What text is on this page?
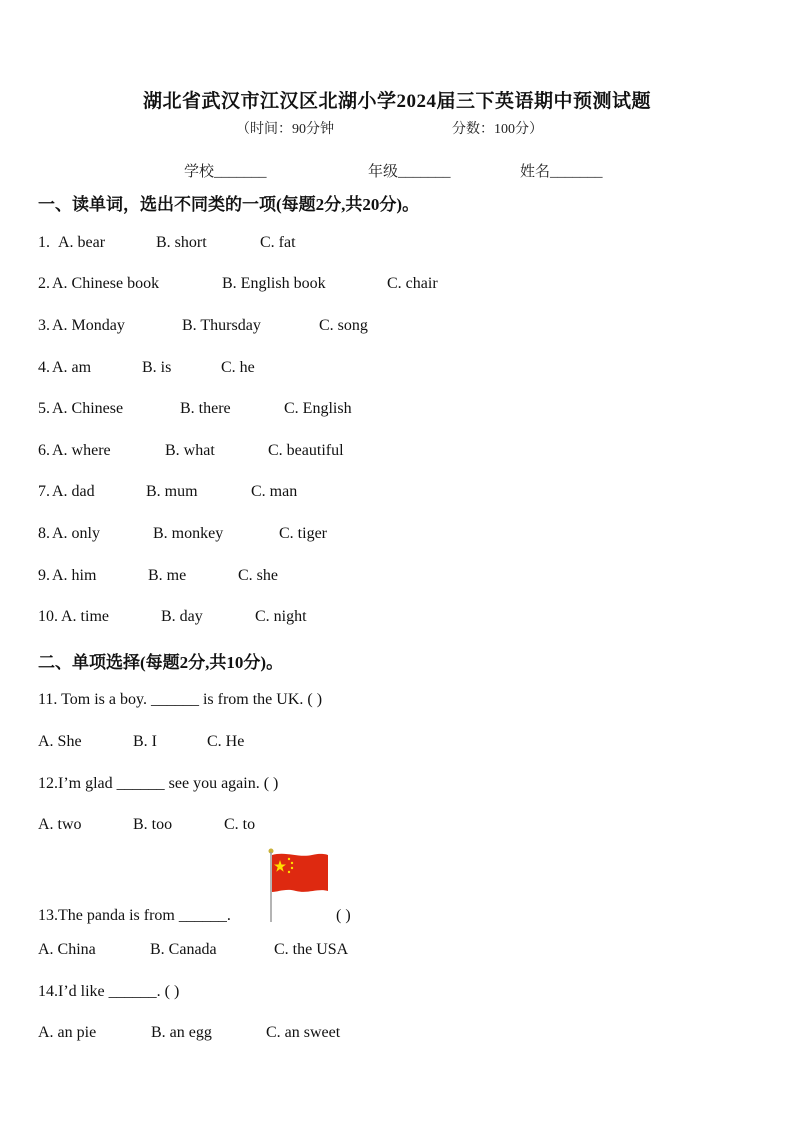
湖北省武汉市江汉区北湖小学2024届三下英语期中预测试题
（时间：90分钟	分数：100分）
学校_______	年级_______	姓名_______
一、读单词，选出不同类的一项(每题2分,共20分)。
1. A. bear	B. short	C. fat
2. A. Chinese book	B. English book	C. chair
3. A. Monday	B. Thursday	C. song
4. A. am	B. is	C. he
5. A. Chinese	B. there	C. English
6. A. where	B. what	C. beautiful
7. A. dad	B. mum	C. man
8. A. only	B. monkey	C. tiger
9. A. him	B. me	C. she
10. A. time	B. day	C. night
二、单项选择(每题2分,共10分)。
11. Tom is a boy. ______ is from the UK. ( )
A. She	B. I	C. He
12.I’m glad ______ see you again. ( )
A. two	B. too	C. to
13.The panda is from ______.	( )
A. China	B. Canada	C. the USA
14.I’d like ______. ( )
A. an pie	B. an egg	C. an sweet
